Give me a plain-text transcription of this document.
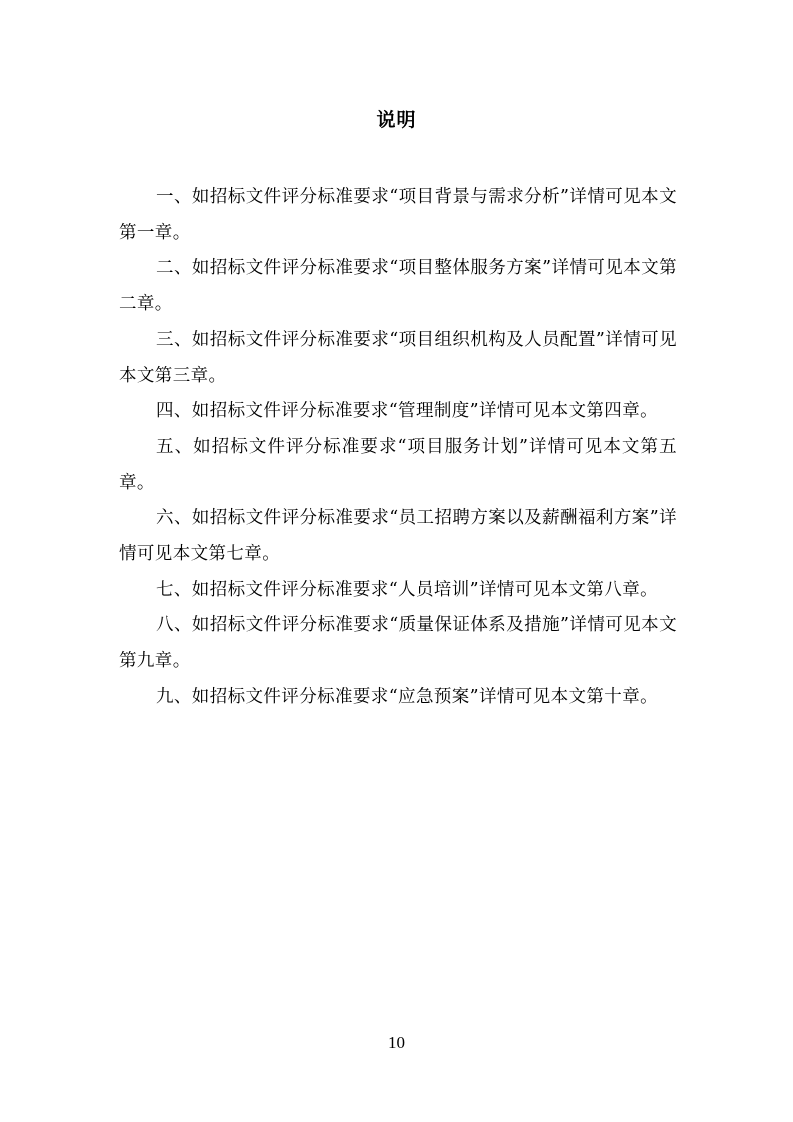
说明

一、如招标文件评分标准要求“项目背景与需求分析”详情可见本文第一章。

二、如招标文件评分标准要求“项目整体服务方案”详情可见本文第二章。

三、如招标文件评分标准要求“项目组织机构及人员配置”详情可见本文第三章。

四、如招标文件评分标准要求“管理制度”详情可见本文第四章。

五、如招标文件评分标准要求“项目服务计划”详情可见本文第五章。

六、如招标文件评分标准要求“员工招聘方案以及薪酬福利方案”详情可见本文第七章。

七、如招标文件评分标准要求“人员培训”详情可见本文第八章。

八、如招标文件评分标准要求“质量保证体系及措施”详情可见本文第九章。

九、如招标文件评分标准要求“应急预案”详情可见本文第十章。

10
